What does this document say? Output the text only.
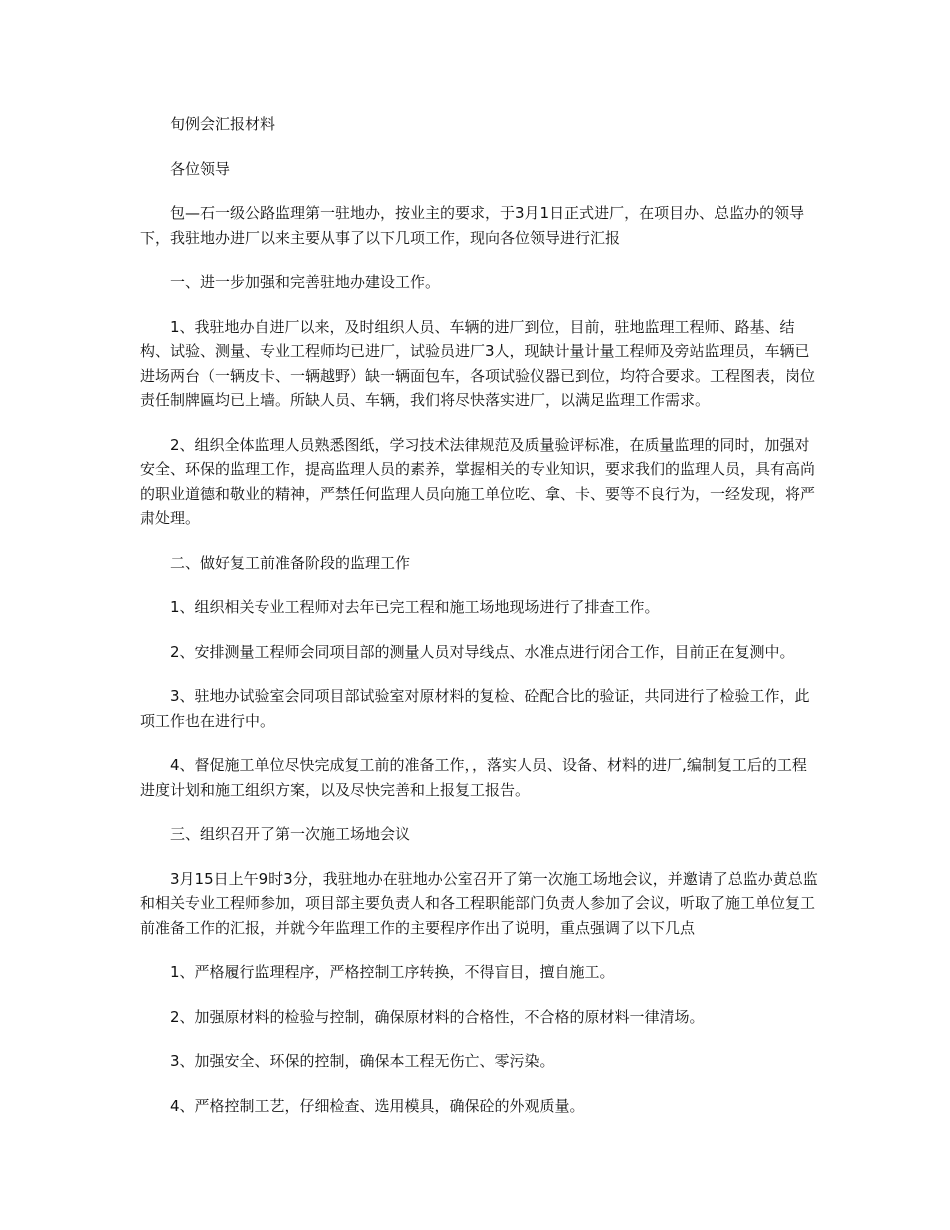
旬例会汇报材料

各位领导

包—石一级公路监理第一驻地办，按业主的要求，于3月1日正式进厂，在项目办、总监办的领导下，我驻地办进厂以来主要从事了以下几项工作，现向各位领导进行汇报

一、进一步加强和完善驻地办建设工作。

1、我驻地办自进厂以来，及时组织人员、车辆的进厂到位，目前，驻地监理工程师、路基、结构、试验、测量、专业工程师均已进厂，试验员进厂3人，现缺计量计量工程师及旁站监理员，车辆已进场两台（一辆皮卡、一辆越野）缺一辆面包车，各项试验仪器已到位，均符合要求。工程图表，岗位责任制牌匾均已上墙。所缺人员、车辆，我们将尽快落实进厂，以满足监理工作需求。

2、组织全体监理人员熟悉图纸，学习技术法律规范及质量验评标准，在质量监理的同时，加强对安全、环保的监理工作，提高监理人员的素养，掌握相关的专业知识，要求我们的监理人员，具有高尚的职业道德和敬业的精神，严禁任何监理人员向施工单位吃、拿、卡、要等不良行为，一经发现，将严肃处理。

二、做好复工前准备阶段的监理工作

1、组织相关专业工程师对去年已完工程和施工场地现场进行了排查工作。

2、安排测量工程师会同项目部的测量人员对导线点、水准点进行闭合工作，目前正在复测中。

3、驻地办试验室会同项目部试验室对原材料的复检、砼配合比的验证，共同进行了检验工作，此项工作也在进行中。

4、督促施工单位尽快完成复工前的准备工作，，落实人员、设备、材料的进厂,编制复工后的工程进度计划和施工组织方案，以及尽快完善和上报复工报告。

三、组织召开了第一次施工场地会议

3月15日上午9时3分，我驻地办在驻地办公室召开了第一次施工场地会议，并邀请了总监办黄总监和相关专业工程师参加，项目部主要负责人和各工程职能部门负责人参加了会议，听取了施工单位复工前准备工作的汇报，并就今年监理工作的主要程序作出了说明，重点强调了以下几点

1、严格履行监理程序，严格控制工序转换，不得盲目，擅自施工。

2、加强原材料的检验与控制，确保原材料的合格性，不合格的原材料一律清场。

3、加强安全、环保的控制，确保本工程无伤亡、零污染。

4、严格控制工艺，仔细检查、选用模具，确保砼的外观质量。
